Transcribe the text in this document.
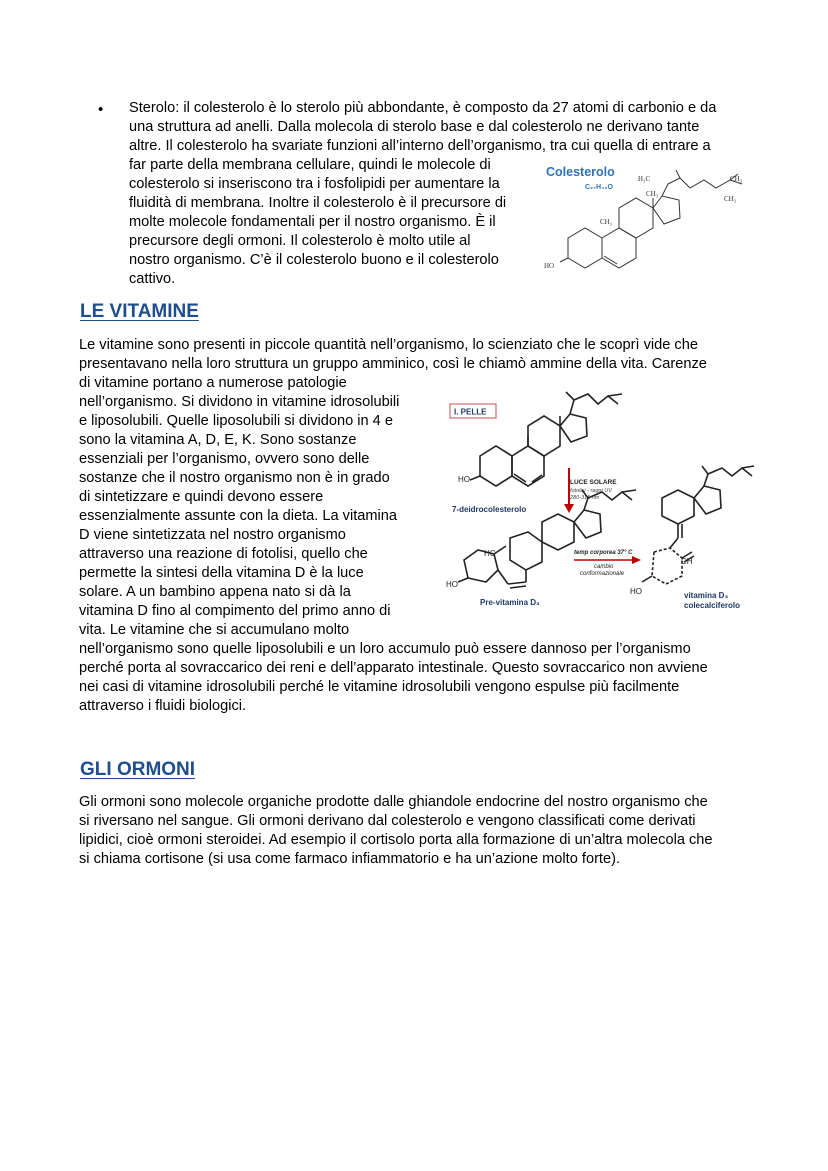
• Sterolo: il colesterolo è lo sterolo più abbondante, è composto da 27 atomi di carbonio e da
una struttura ad anelli. Dalla molecola di sterolo base e dal colesterolo ne derivano tante
altre. Il colesterolo ha svariate funzioni all’interno dell’organismo, tra cui quella di entrare a
far parte della membrana cellulare, quindi le molecole di
colesterolo si inseriscono tra i fosfolipidi per aumentare la
fluidità di membrana. Inoltre il colesterolo è il precursore di
molte molecole fondamentali per il nostro organismo. È il
precursore degli ormoni. Il colesterolo è molto utile al
nostro organismo. C’è il colesterolo buono e il colesterolo
cattivo.
Colesterolo
C₂₇H₄₆O
H₃C	CH₃
CH₃
CH₃
CH₃
HO
LE VITAMINE
Le vitamine sono presenti in piccole quantità nell’organismo, lo scienziato che le scoprì vide che
presentavano nella loro struttura un gruppo amminico, così le chiamò ammine della vita. Carenze
di vitamine portano a numerose patologie
nell’organismo. Si dividono in vitamine idrosolubili
e liposolubili. Quelle liposolubili si dividono in 4 e
sono la vitamina A, D, E, K. Sono sostanze
essenziali per l’organismo, ovvero sono delle
sostanze che il nostro organismo non è in grado
di sintetizzare e quindi devono essere
essenzialmente assunte con la dieta. La vitamina
D viene sintetizzata nel nostro organismo
attraverso una reazione di fotolisi, quello che
permette la sintesi della vitamina D è la luce
solare. A un bambino appena nato si dà la
vitamina D fino al compimento del primo anno di
vita. Le vitamine che si accumulano molto
nell’organismo sono quelle liposolubili e un loro accumulo può essere dannoso per l’organismo
perché porta al sovraccarico dei reni e dell’apparato intestinale. Questo sovraccarico non avviene
nei casi di vitamine idrosolubili perché le vitamine idrosolubili vengono espulse più facilmente
attraverso i fluidi biologici.
I. PELLE
HO
7-deidrocolesterolo
LUCE SOLARE
fotolisi - raggi UV
280-315 nm
HC
HO
Pre-vitamina D₃
temp corporea 37° C
cambio
conformazionale
CH
HO	vitamina D₃
colecalciferolo
GLI ORMONI
Gli ormoni sono molecole organiche prodotte dalle ghiandole endocrine del nostro organismo che
si riversano nel sangue. Gli ormoni derivano dal colesterolo e vengono classificati come derivati
lipidici, cioè ormoni steroidei. Ad esempio il cortisolo porta alla formazione di un’altra molecola che
si chiama cortisone (si usa come farmaco infiammatorio e ha un’azione molto forte).
